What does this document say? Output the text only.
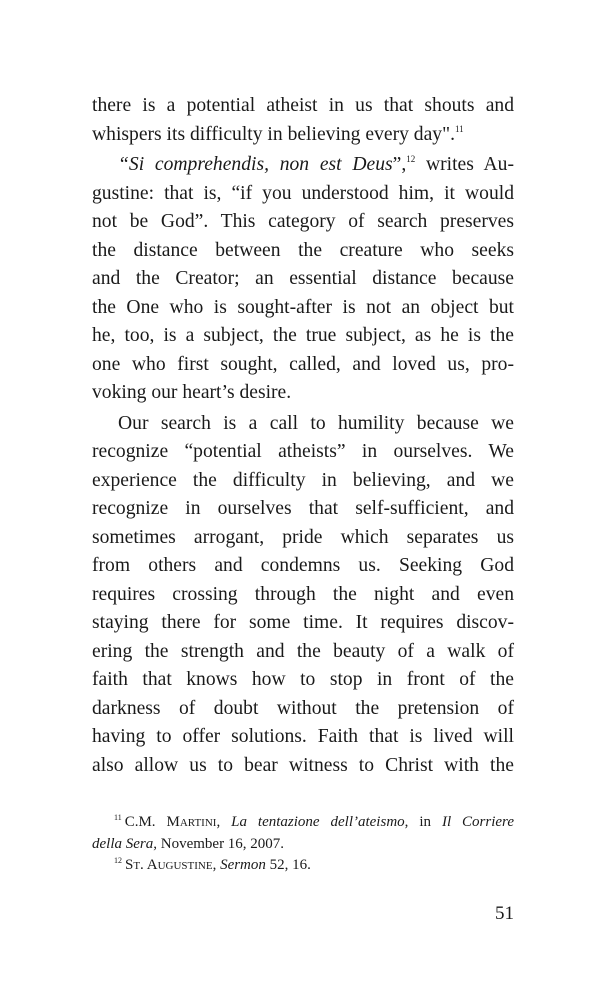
there is a potential atheist in us that shouts and
whispers its difficulty in believing every day".$^{11}$
“Si comprehendis, non est Deus”,$^{12}$ writes Au-
gustine: that is, “if you understood him, it would
not be God”. This category of search preserves
the distance between the creature who seeks
and the Creator; an essential distance because
the One who is sought-after is not an object but
he, too, is a subject, the true subject, as he is the
one who first sought, called, and loved us, pro-
voking our heart’s desire.
Our search is a call to humility because we
recognize “potential atheists” in ourselves. We
experience the difficulty in believing, and we
recognize in ourselves that self-sufficient, and
sometimes arrogant, pride which separates us
from others and condemns us. Seeking God
requires crossing through the night and even
staying there for some time. It requires discov-
ering the strength and the beauty of a walk of
faith that knows how to stop in front of the
darkness of doubt without the pretension of
having to offer solutions. Faith that is lived will
also allow us to bear witness to Christ with the
$^{11}$ C.M. Martini, La tentazione dell’ateismo, in Il Corriere
della Sera, November 16, 2007.
$^{12}$ St. Augustine, Sermon 52, 16.
51
